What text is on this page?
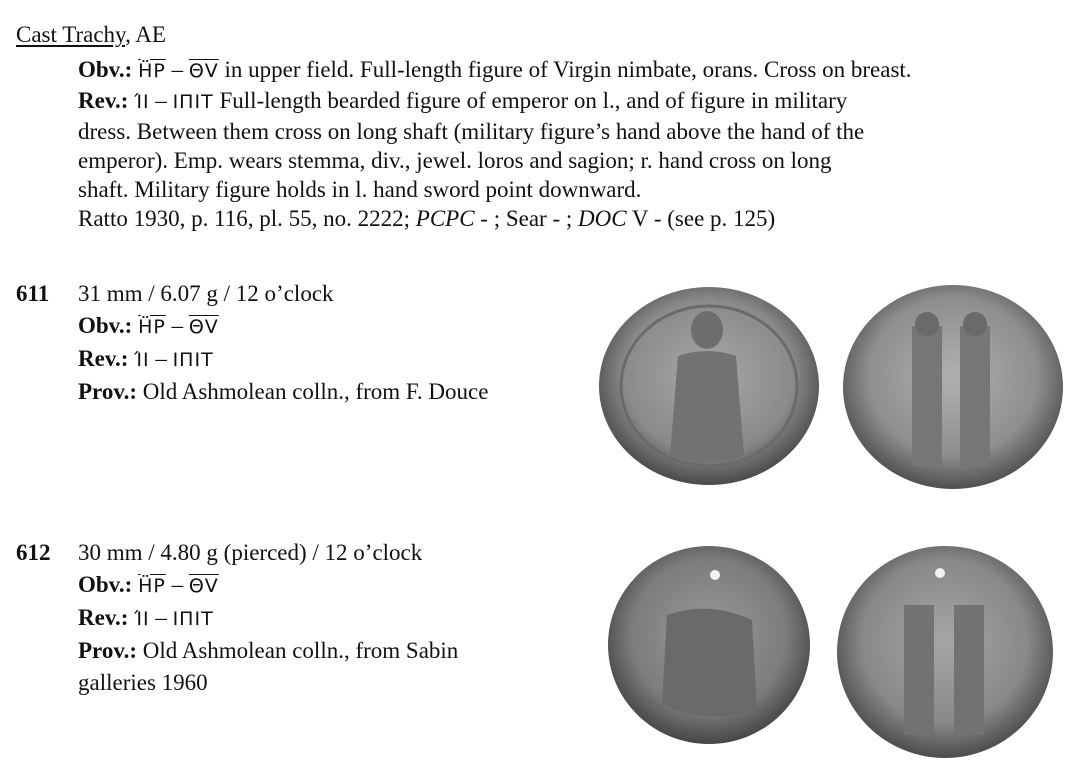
Cast Trachy, AE
Obv.: $\overline{ḦP} - \overline{\Theta V}$ in upper field. Full-length figure of Virgin nimbate, orans. Cross on breast.
Rev.: ΊΙ – ΙΠΙΤ Full-length bearded figure of emperor on l., and of figure in military
dress. Between them cross on long shaft (military figure’s hand above the hand of the
emperor). Emp. wears stemma, div., jewel. loros and sagion; r. hand cross on long
shaft. Military figure holds in l. hand sword point downward.
Ratto 1930, p. 116, pl. 55, no. 2222; PCPC - ; Sear - ; DOC V - (see p. 125)
611 31 mm / 6.07 g / 12 o’clock
Obv.: $\overline{ḦP} - \overline{\Theta V}$
Rev.: ΊΙ – ΙΠΙΤ
Prov.: Old Ashmolean colln., from F. Douce
612 30 mm / 4.80 g (pierced) / 12 o’clock
Obv.: $\overline{ḦP} - \overline{\Theta V}$
Rev.: ΊΙ – ΙΠΙΤ
Prov.: Old Ashmolean colln., from Sabin
galleries 1960
